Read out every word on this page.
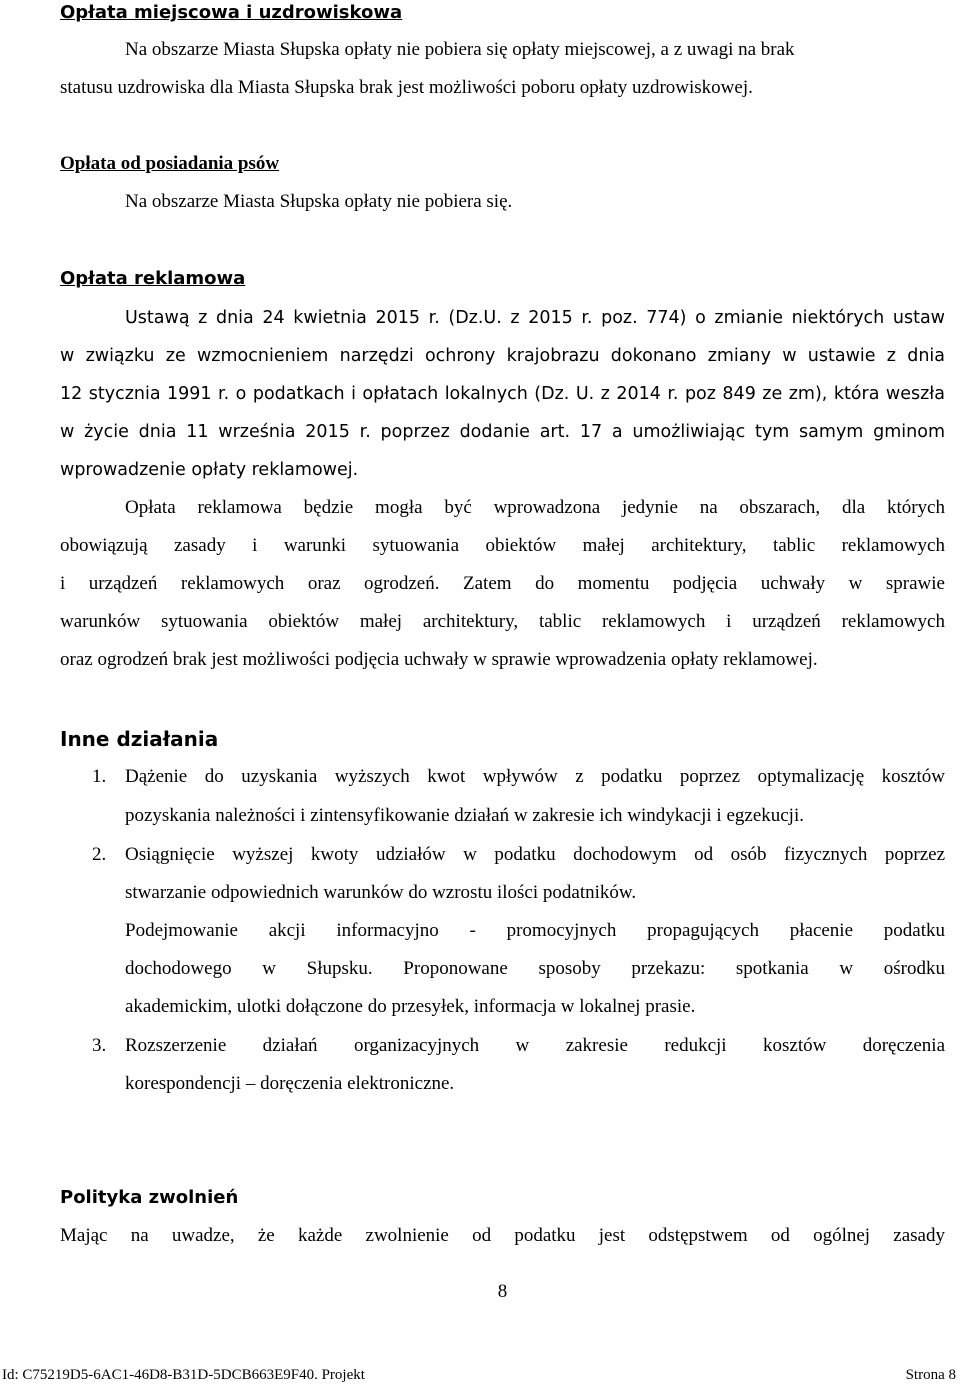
Opłata miejscowa i uzdrowiskowa
Na obszarze Miasta Słupska opłaty nie pobiera się opłaty miejscowej, a z uwagi na brak
statusu uzdrowiska dla Miasta Słupska brak jest możliwości poboru opłaty uzdrowiskowej.
Opłata od posiadania psów
Na obszarze Miasta Słupska opłaty nie pobiera się.
Opłata reklamowa
Ustawą z dnia 24 kwietnia 2015 r. (Dz.U. z 2015 r. poz. 774) o zmianie niektórych ustaw
w związku ze wzmocnieniem narzędzi ochrony krajobrazu dokonano zmiany w ustawie z dnia
12 stycznia 1991 r. o podatkach i opłatach lokalnych (Dz. U. z 2014 r. poz 849 ze zm), która weszła
w życie dnia 11 września 2015 r. poprzez dodanie art. 17 a umożliwiając tym samym gminom
wprowadzenie opłaty reklamowej.
Opłata reklamowa będzie mogła być wprowadzona jedynie na obszarach, dla których
obowiązują zasady i warunki sytuowania obiektów małej architektury, tablic reklamowych
i urządzeń reklamowych oraz ogrodzeń. Zatem do momentu podjęcia uchwały w sprawie
warunków sytuowania obiektów małej architektury, tablic reklamowych i urządzeń reklamowych
oraz ogrodzeń brak jest możliwości podjęcia uchwały w sprawie wprowadzenia opłaty reklamowej.
Inne działania
1. Dążenie do uzyskania wyższych kwot wpływów z podatku poprzez optymalizację kosztów
pozyskania należności i zintensyfikowanie działań w zakresie ich windykacji i egzekucji.
2. Osiągnięcie wyższej kwoty udziałów w podatku dochodowym od osób fizycznych poprzez
stwarzanie odpowiednich warunków do wzrostu ilości podatników.
Podejmowanie akcji informacyjno - promocyjnych propagujących płacenie podatku
dochodowego w Słupsku. Proponowane sposoby przekazu: spotkania w ośrodku
akademickim, ulotki dołączone do przesyłek, informacja w lokalnej prasie.
3. Rozszerzenie działań organizacyjnych w zakresie redukcji kosztów doręczenia
korespondencji – doręczenia elektroniczne.
Polityka zwolnień
Mając na uwadze, że każde zwolnienie od podatku jest odstępstwem od ogólnej zasady
8
Id: C75219D5-6AC1-46D8-B31D-5DCB663E9F40. Projekt	Strona 8
